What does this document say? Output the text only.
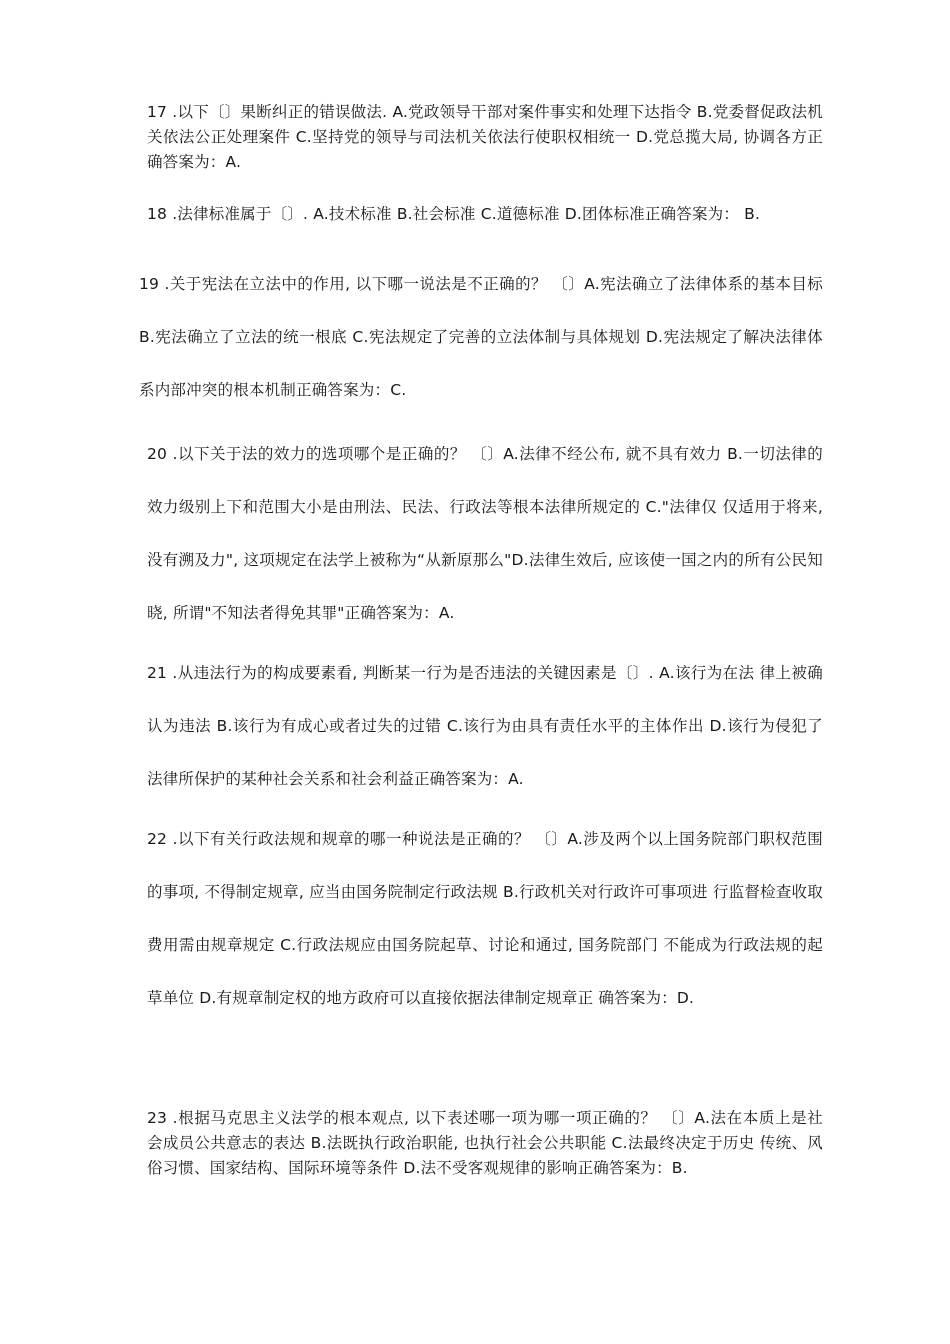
17 .以下〔〕果断纠正的错误做法. A.党政领导干部对案件事实和处理下达指令 B.党委督促政法机关依法公正处理案件 C.坚持党的领导与司法机关依法行使职权相统一 D.党总揽大局, 协调各方正确答案为：A.
18 .法律标准属于〔〕. A.技术标准 B.社会标准 C.道德标准 D.团体标准正确答案为： B.
19 .关于宪法在立法中的作用, 以下哪一说法是不正确的？ 〔〕A.宪法确立了法律体系的基本目标 B.宪法确立了立法的统一根底 C.宪法规定了完善的立法体制与具体规划 D.宪法规定了解决法律体系内部冲突的根本机制正确答案为：C.
20 .以下关于法的效力的选项哪个是正确的？ 〔〕A.法律不经公布, 就不具有效力 B.一切法律的效力级别上下和范围大小是由刑法、民法、行政法等根本法律所规定的 C."法律仅 仅适用于将来, 没有溯及力", 这项规定在法学上被称为“从新原那么"D.法律生效后, 应该使一国之内的所有公民知晓, 所谓"不知法者得免其罪"正确答案为：A.
21 .从违法行为的构成要素看, 判断某一行为是否违法的关键因素是〔〕. A.该行为在法 律上被确认为违法 B.该行为有成心或者过失的过错 C.该行为由具有责任水平的主体作出 D.该行为侵犯了法律所保护的某种社会关系和社会利益正确答案为：A.
22 .以下有关行政法规和规章的哪一种说法是正确的？ 〔〕A.涉及两个以上国务院部门职权范围的事项, 不得制定规章, 应当由国务院制定行政法规 B.行政机关对行政许可事项进 行监督检查收取费用需由规章规定 C.行政法规应由国务院起草、讨论和通过, 国务院部门 不能成为行政法规的起草单位 D.有规章制定权的地方政府可以直接依据法律制定规章正 确答案为：D.
23 .根据马克思主义法学的根本观点, 以下表述哪一项为哪一项正确的？ 〔〕A.法在本质上是社 会成员公共意志的表达 B.法既执行政治职能, 也执行社会公共职能 C.法最终决定于历史 传统、风俗习惯、国家结构、国际环境等条件 D.法不受客观规律的影响正确答案为：B.
